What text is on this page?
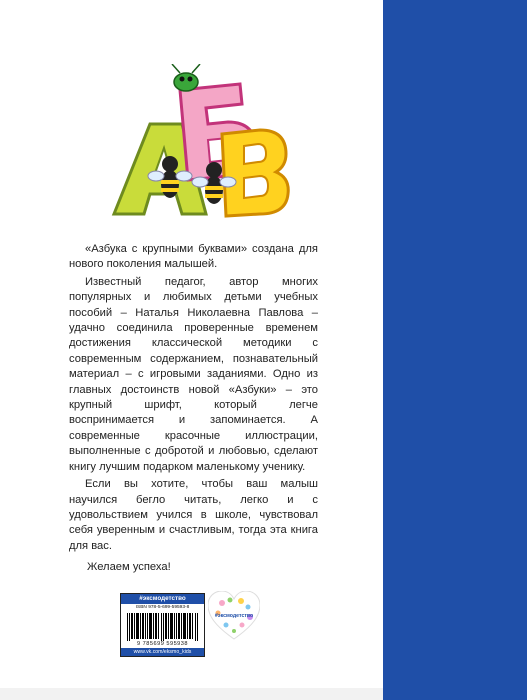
«Азбука с крупными буквами» создана для нового поколения малышей.

Известный педагог, автор многих популярных и любимых детьми учебных пособий – Наталья Николаевна Павлова – удачно соединила проверенные временем достижения классической методики с современным содержанием, познавательный материал – с игровыми заданиями. Одно из главных достоинств новой «Азбуки» – это крупный шрифт, который легче воспринимается и запоминается. А современные красочные иллюстрации, выполненные с добротой и любовью, сделают книгу лучшим подарком маленькому ученику.

Если вы хотите, чтобы ваш малыш научился бегло читать, легко и с удовольствием учился в школе, чувствовал себя уверенным и счастливым, тогда эта книга для вас.

Желаем успеха!

#эксмодетство
ISBN 978-5-699-59593-8
9 785699 595938
www.vk.com/eksmo_kids
#эксмодетство
